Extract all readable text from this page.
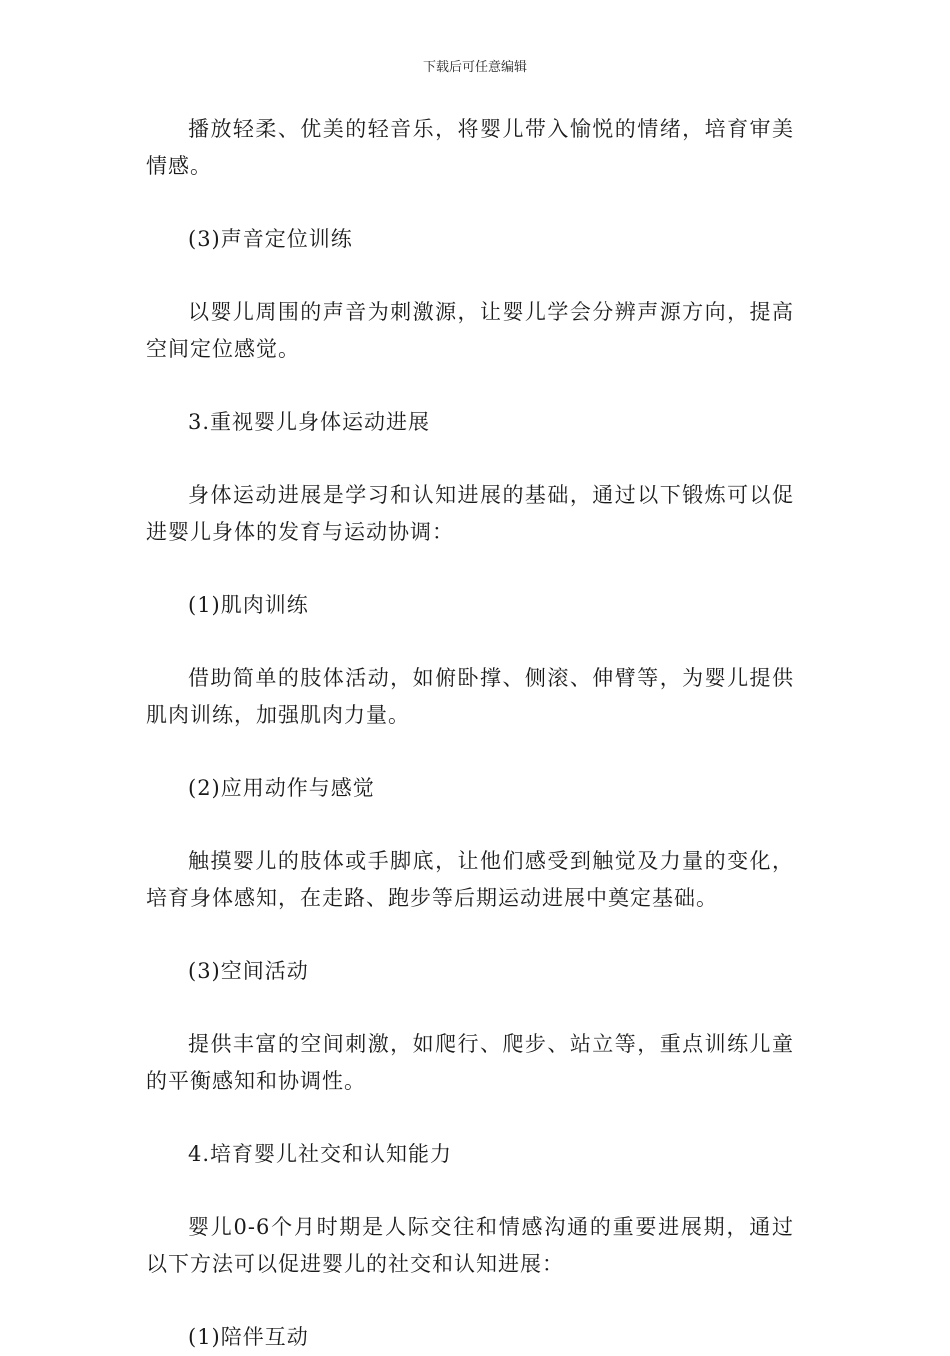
下载后可任意编辑

播放轻柔、优美的轻音乐，将婴儿带入愉悦的情绪，培育审美情感。

(3)声音定位训练

以婴儿周围的声音为刺激源，让婴儿学会分辨声源方向，提高空间定位感觉。

3.重视婴儿身体运动进展

身体运动进展是学习和认知进展的基础，通过以下锻炼可以促进婴儿身体的发育与运动协调：

(1)肌肉训练

借助简单的肢体活动，如俯卧撑、侧滚、伸臂等，为婴儿提供肌肉训练，加强肌肉力量。

(2)应用动作与感觉

触摸婴儿的肢体或手脚底，让他们感受到触觉及力量的变化，培育身体感知，在走路、跑步等后期运动进展中奠定基础。

(3)空间活动

提供丰富的空间刺激，如爬行、爬步、站立等，重点训练儿童的平衡感知和协调性。

4.培育婴儿社交和认知能力

婴儿0-6个月时期是人际交往和情感沟通的重要进展期，通过以下方法可以促进婴儿的社交和认知进展：

(1)陪伴互动
